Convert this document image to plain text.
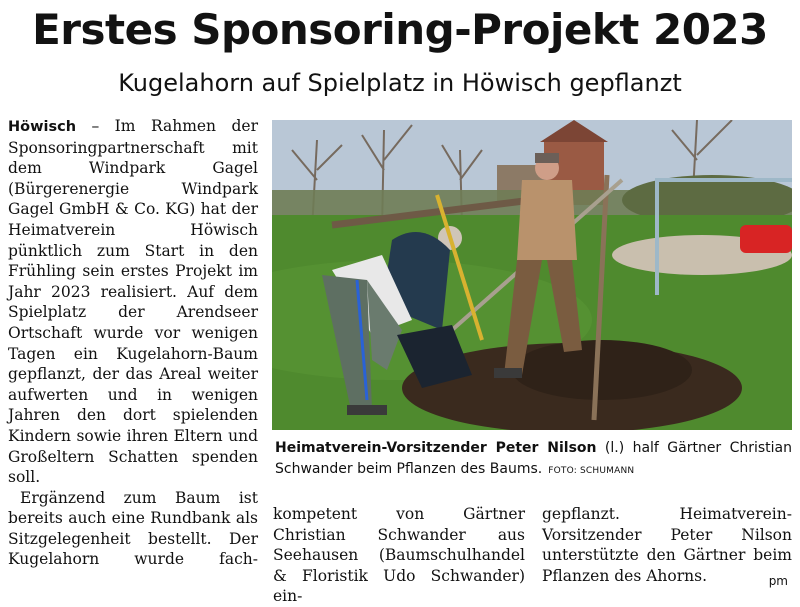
Erstes Sponsoring-Projekt 2023
Kugelahorn auf Spielplatz in Höwisch gepflanzt

Höwisch – Im Rahmen der Sponsoringpartnerschaft mit dem Windpark Gagel (Bürgerenergie Windpark Gagel GmbH & Co. KG) hat der Heimatverein Höwisch pünktlich zum Start in den Frühling sein erstes Projekt im Jahr 2023 realisiert. Auf dem Spielplatz der Arendseer Ortschaft wurde vor wenigen Tagen ein Kugelahorn-Baum gepflanzt, der das Areal weiter aufwerten und in wenigen Jahren den dort spielenden Kindern sowie ihren Eltern und Großeltern Schatten spenden soll.

Ergänzend zum Baum ist bereits auch eine Rundbank als Sitzgelegenheit bestellt. Der Kugelahorn wurde fach-

Heimatverein-Vorsitzender Peter Nilson (l.) half Gärtner Christian Schwander beim Pflanzen des Baums. FOTO: SCHUMANN
kompetent von Gärtner Christian Schwander aus Seehausen (Baumschulhandel & Floristik Udo Schwander) ein-
gepflanzt. Heimatverein-Vorsitzender Peter Nilson unterstützte den Gärtner beim Pflanzen des Ahorns.	pm
